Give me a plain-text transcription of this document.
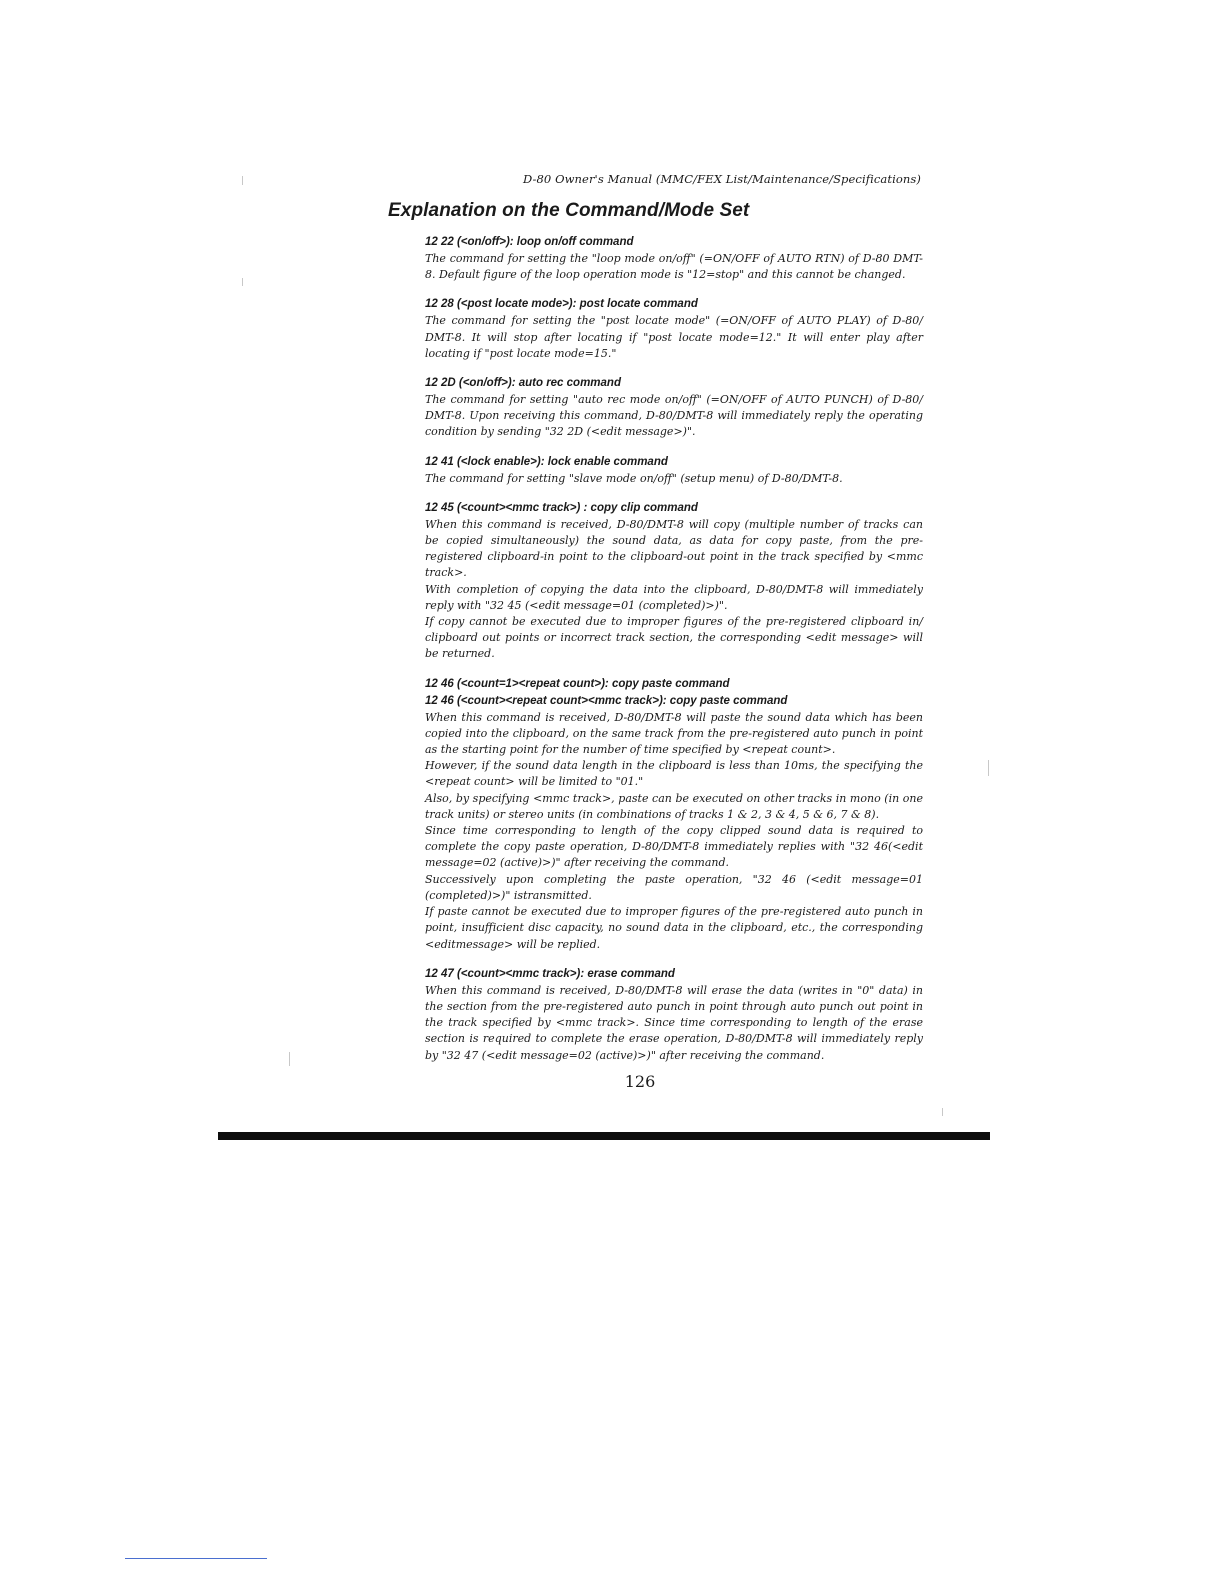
D-80 Owner's Manual (MMC/FEX List/Maintenance/Specifications)
Explanation on the Command/Mode Set

12 22 (<on/off>): loop on/off command

The command for setting the "loop mode on/off" (=ON/OFF of AUTO RTN) of D-80 DMT-8. Default figure of the loop operation mode is "12=stop" and this cannot be changed.

12 28 (<post locate mode>): post locate command

The command for setting the "post locate mode" (=ON/OFF of AUTO PLAY) of D-80/ DMT-8. It will stop after locating if "post locate mode=12." It will enter play after locating if "post locate mode=15."

12 2D (<on/off>): auto rec command

The command for setting "auto rec mode on/off" (=ON/OFF of AUTO PUNCH) of D-80/ DMT-8. Upon receiving this command, D-80/DMT-8 will immediately reply the operating condition by sending "32 2D (<edit message>)".

12 41 (<lock enable>): lock enable command

The command for setting "slave mode on/off" (setup menu) of D-80/DMT-8.

12 45 (<count><mmc track>) : copy clip command

When this command is received, D-80/DMT-8 will copy (multiple number of tracks can be copied simultaneously) the sound data, as data for copy paste, from the pre-registered clipboard-in point to the clipboard-out point in the track specified by <mmc track>.

With completion of copying the data into the clipboard, D-80/DMT-8 will immediately reply with "32 45 (<edit message=01 (completed)>)".

If copy cannot be executed due to improper figures of the pre-registered clipboard in/ clipboard out points or incorrect track section, the corresponding <edit message> will be returned.

12 46 (<count=1><repeat count>): copy paste command

12 46 (<count><repeat count><mmc track>): copy paste command

When this command is received, D-80/DMT-8 will paste the sound data which has been copied into the clipboard, on the same track from the pre-registered auto punch in point as the starting point for the number of time specified by <repeat count>.

However, if the sound data length in the clipboard is less than 10ms, the specifying the <repeat count> will be limited to "01."

Also, by specifying <mmc track>, paste can be executed on other tracks in mono (in one track units) or stereo units (in combinations of tracks 1 & 2, 3 & 4, 5 & 6, 7 & 8).

Since time corresponding to length of the copy clipped sound data is required to complete the copy paste operation, D-80/DMT-8 immediately replies with "32 46(<edit message=02 (active)>)" after receiving the command.

Successively upon completing the paste operation, "32 46 (<edit message=01 (completed)>)" istransmitted.

If paste cannot be executed due to improper figures of the pre-registered auto punch in point, insufficient disc capacity, no sound data in the clipboard, etc., the corresponding <editmessage> will be replied.

12 47 (<count><mmc track>): erase command

When this command is received, D-80/DMT-8 will erase the data (writes in "0" data) in the section from the pre-registered auto punch in point through auto punch out point in the track specified by <mmc track>. Since time corresponding to length of the erase section is required to complete the erase operation, D-80/DMT-8 will immediately reply by "32 47 (<edit message=02 (active)>)" after receiving the command.

126
